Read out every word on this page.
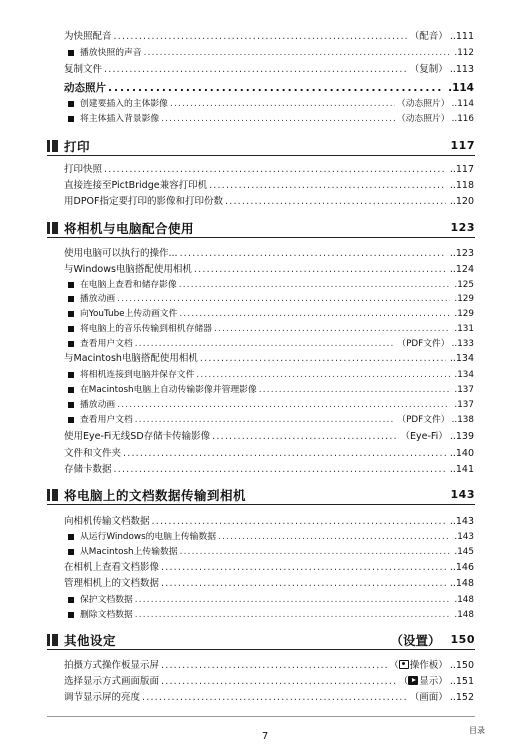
为快照配音 .....	（配音） ..111
播放快照的声音 .....	.112
复制文件 .....	（复制） ..113
动态照片 .....	.114
创建要插入的主体影像 .....	（动态照片） ..114
将主体插入背景影像 .....	（动态照片） ..116
打印	117
打印快照 .....	..117
直接连接至PictBridge兼容打印机 .....	..118
用DPOF指定要打印的影像和打印份数 .....	..120
将相机与电脑配合使用	123
使用电脑可以执行的操作... .....	..123
与Windows电脑搭配使用相机 .....	..124
在电脑上查看和储存影像 .....	.125
播放动画 .....	.129
向YouTube上传动画文件 .....	.129
将电脑上的音乐传输到相机存储器 .....	.131
查看用户文档 .....	（PDF文件） ..133
与Macintosh电脑搭配使用相机 .....	..134
将相机连接到电脑并保存文件 .....	.134
在Macintosh电脑上自动传输影像并管理影像 .....	.137
播放动画 .....	.137
查看用户文档 .....	（PDF文件） ..138
使用Eye-Fi无线SD存储卡传输影像 .....	（Eye-Fi） ..139
文件和文件夹 .....	..140
存储卡数据 .....	..141
将电脑上的文档数据传输到相机	143
向相机传输文档数据 .....	..143
从运行Windows的电脑上传输数据 .....	.143
从Macintosh上传输数据 .....	.145
在相机上查看文档影像 .....	..146
管理相机上的文档数据 .....	..148
保护文档数据 .....	.148
删除文档数据 .....	.148
其他设定	（设置） 150
拍摄方式操作板显示屏 .....	（ 操作板） ..150
选择显示方式画面版面 .....	（ 显示） ..151
调节显示屏的亮度 .....	（画面） ..152
7
目录
